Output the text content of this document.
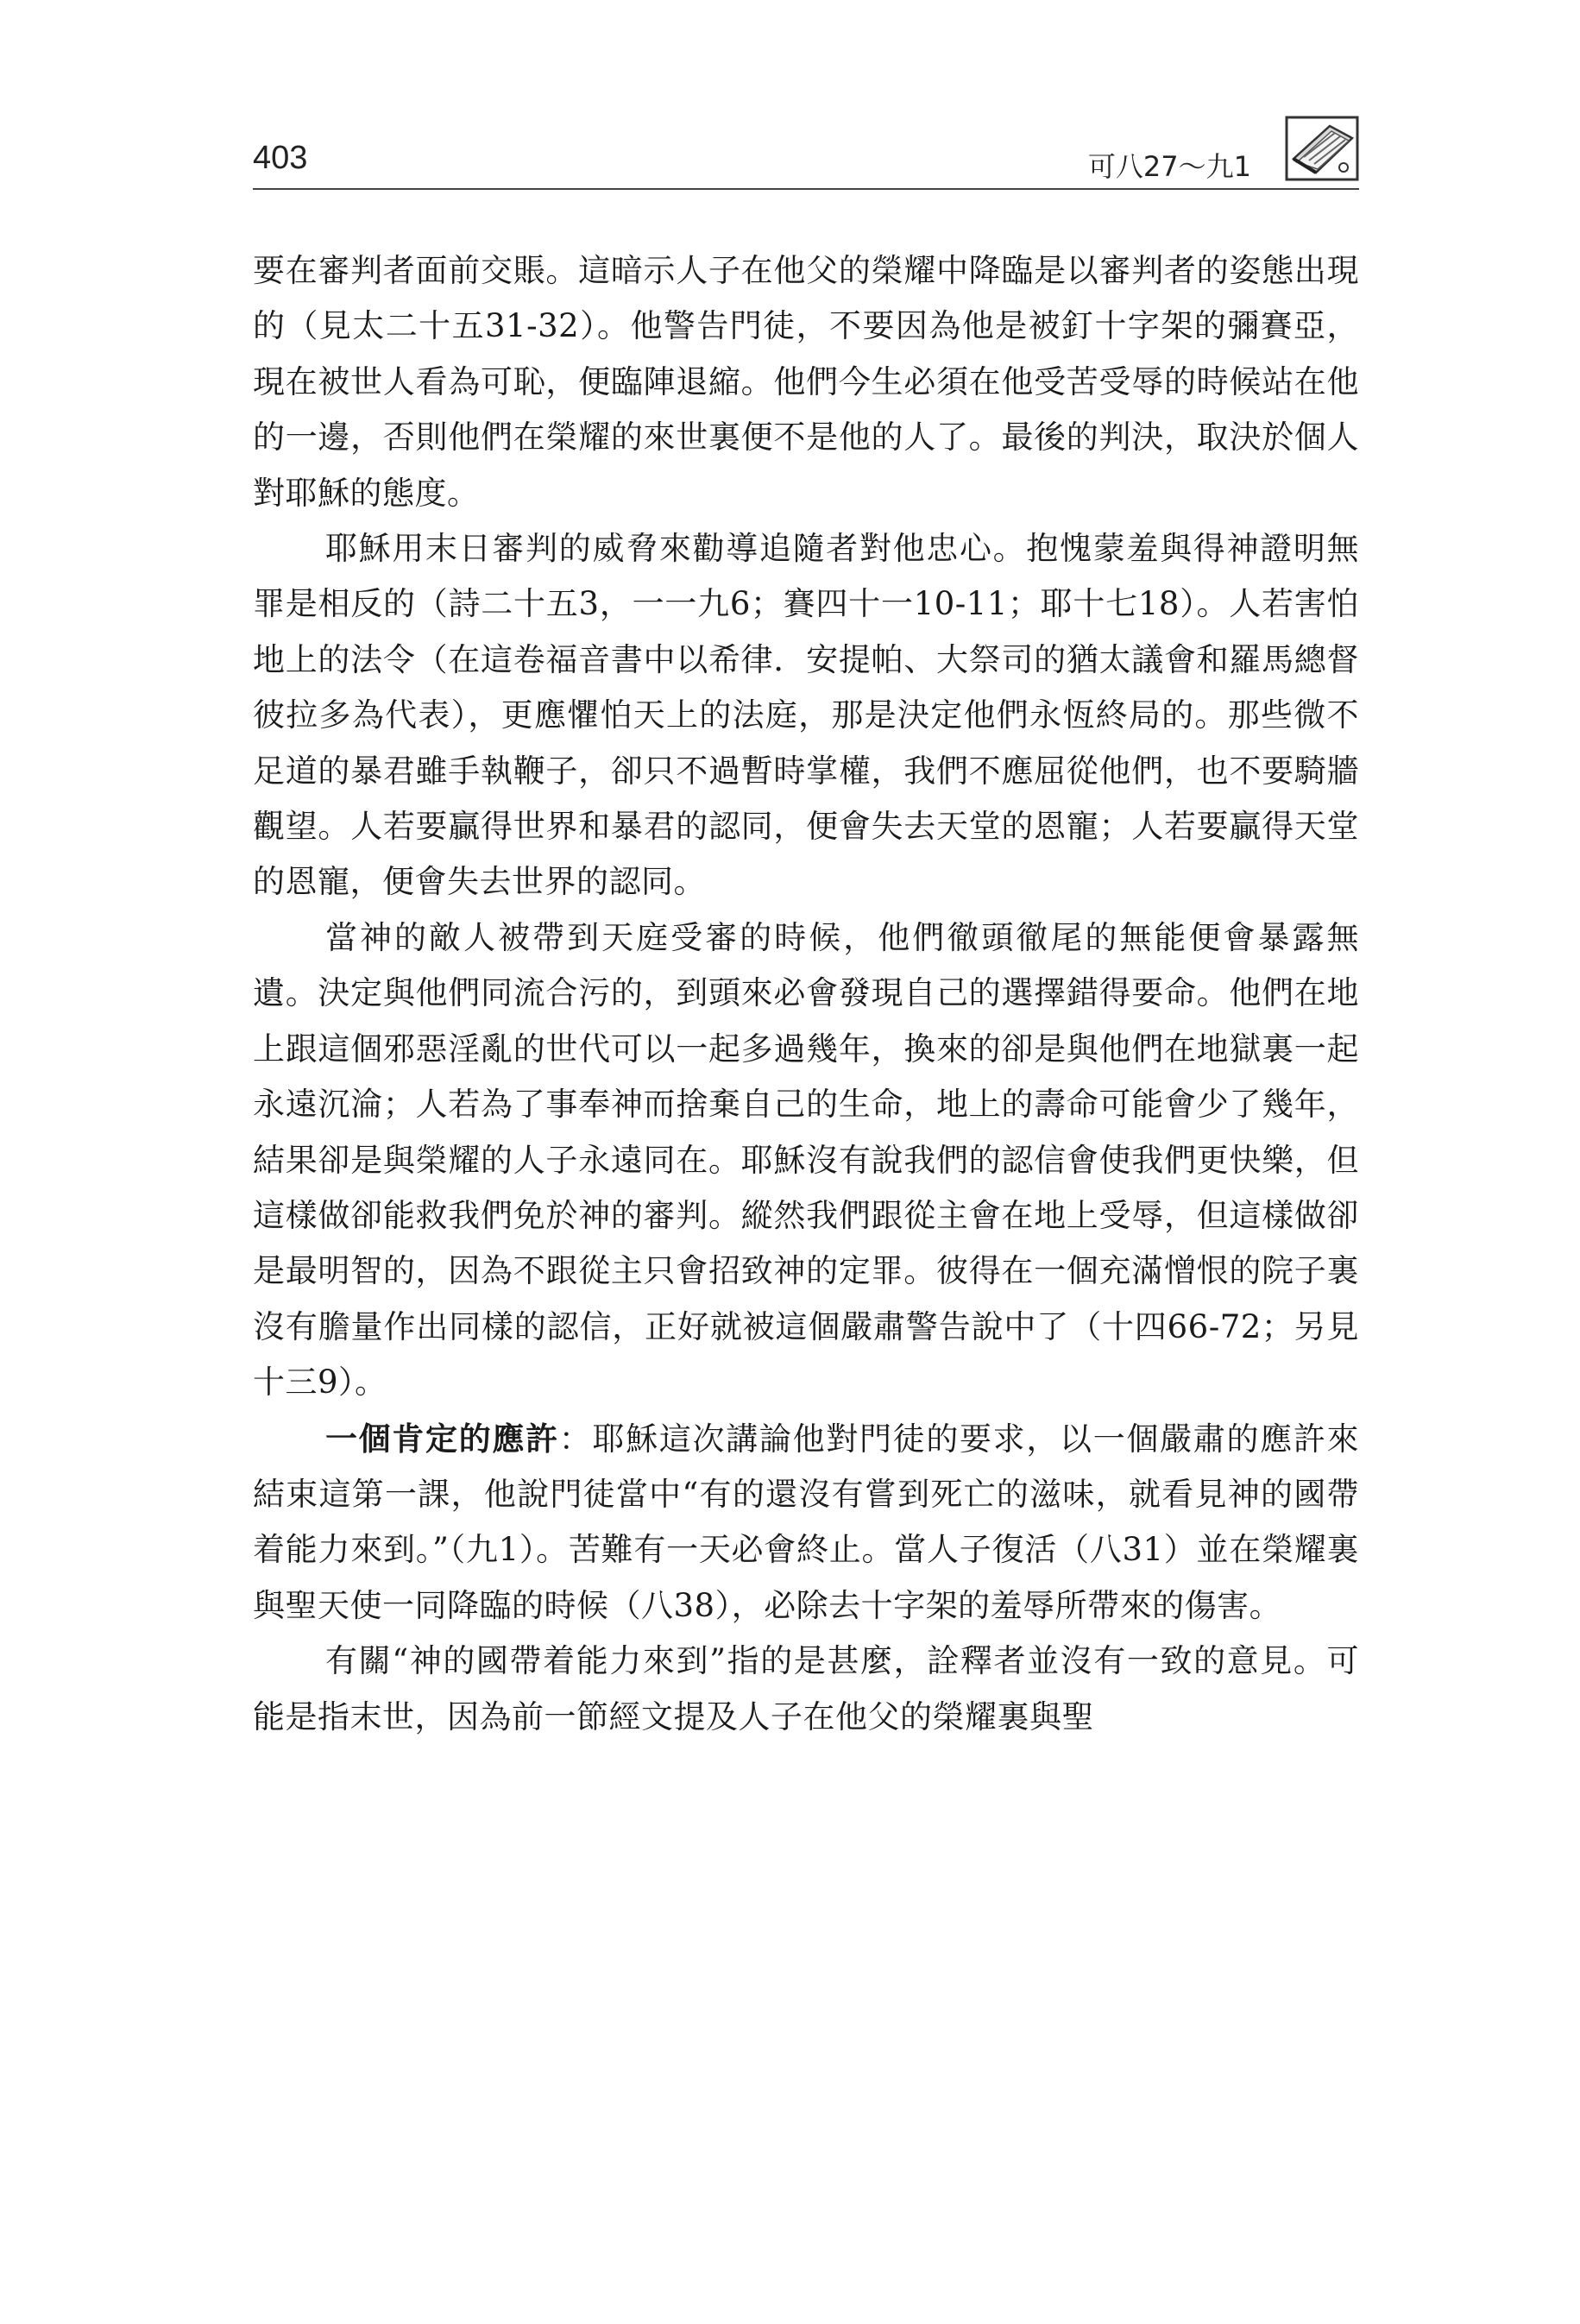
403	可八27～九1

要在審判者面前交賬。這暗示人子在他父的榮耀中降臨是以審判者的姿態出現的（見太二十五31-32）。他警告門徒，不要因為他是被釘十字架的彌賽亞，現在被世人看為可恥，便臨陣退縮。他們今生必須在他受苦受辱的時候站在他的一邊，否則他們在榮耀的來世裏便不是他的人了。最後的判決，取決於個人對耶穌的態度。

耶穌用末日審判的威脅來勸導追隨者對他忠心。抱愧蒙羞與得神證明無罪是相反的（詩二十五3，一一九6；賽四十一10-11；耶十七18）。人若害怕地上的法令（在這卷福音書中以希律．安提帕、大祭司的猶太議會和羅馬總督彼拉多為代表），更應懼怕天上的法庭，那是決定他們永恆終局的。那些微不足道的暴君雖手執鞭子，卻只不過暫時掌權，我們不應屈從他們，也不要騎牆觀望。人若要贏得世界和暴君的認同，便會失去天堂的恩寵；人若要贏得天堂的恩寵，便會失去世界的認同。

當神的敵人被帶到天庭受審的時候，他們徹頭徹尾的無能便會暴露無遺。決定與他們同流合污的，到頭來必會發現自己的選擇錯得要命。他們在地上跟這個邪惡淫亂的世代可以一起多過幾年，換來的卻是與他們在地獄裏一起永遠沉淪；人若為了事奉神而捨棄自己的生命，地上的壽命可能會少了幾年，結果卻是與榮耀的人子永遠同在。耶穌沒有說我們的認信會使我們更快樂，但這樣做卻能救我們免於神的審判。縱然我們跟從主會在地上受辱，但這樣做卻是最明智的，因為不跟從主只會招致神的定罪。彼得在一個充滿憎恨的院子裏沒有膽量作出同樣的認信，正好就被這個嚴肅警告說中了（十四66-72；另見十三9）。

一個肯定的應許：耶穌這次講論他對門徒的要求，以一個嚴肅的應許來結束這第一課，他說門徒當中“有的還沒有嘗到死亡的滋味，就看見神的國帶着能力來到。”（九1）。苦難有一天必會終止。當人子復活（八31）並在榮耀裏與聖天使一同降臨的時候（八38），必除去十字架的羞辱所帶來的傷害。

有關“神的國帶着能力來到”指的是甚麼，詮釋者並沒有一致的意見。可能是指末世，因為前一節經文提及人子在他父的榮耀裏與聖
